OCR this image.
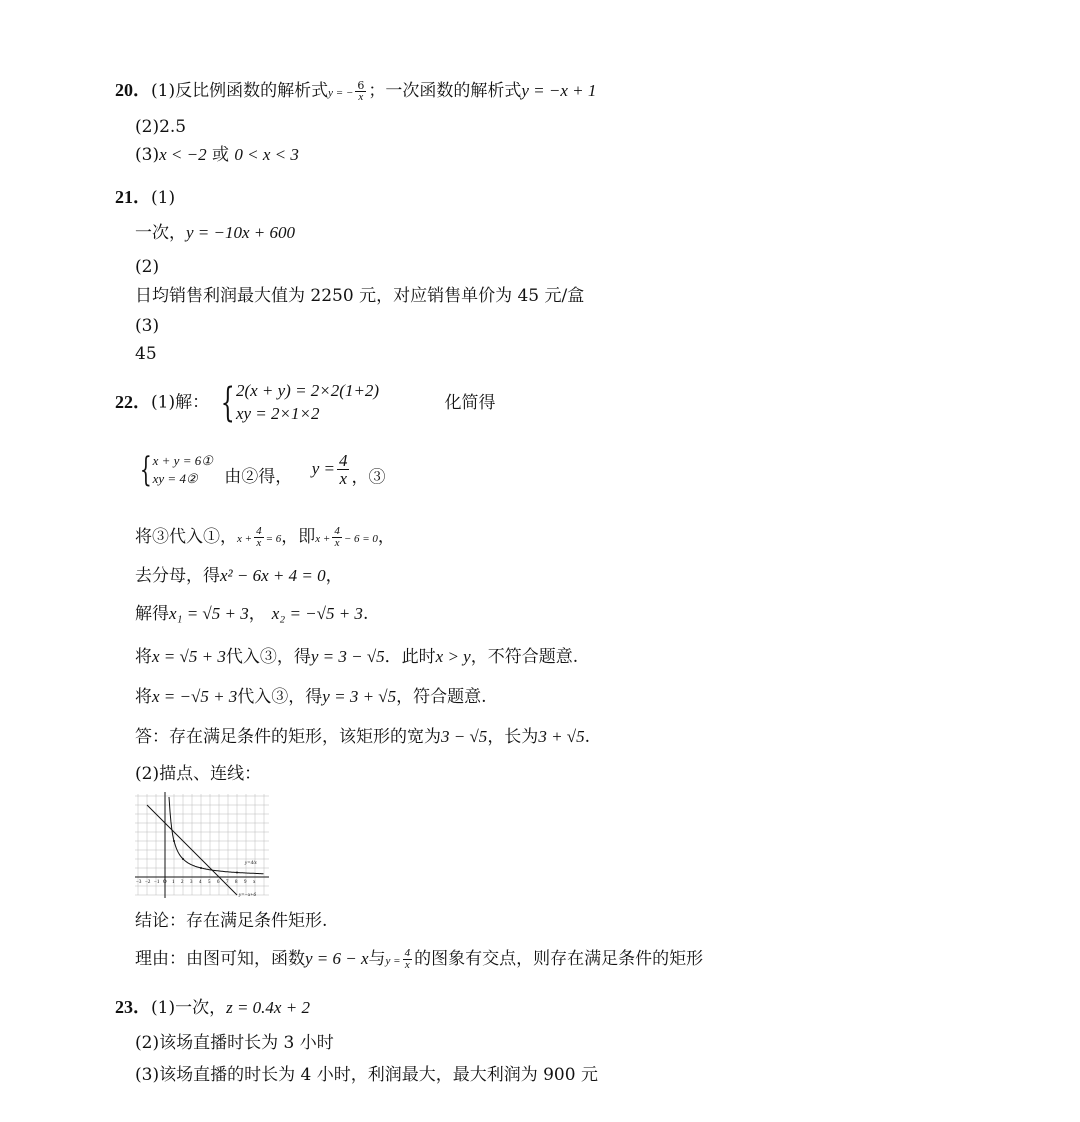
20．(1)反比例函数的解析式y = − $\frac{6}{x}$ ；一次函数的解析式y = −x + 1
(2)2.5
(3)x < −2 或 0 < x < 3
21．(1)
一次，y = −10x + 600
(2)
日均销售利润最大值为 2250 元，对应销售单价为 45 元/盒
(3)
45
22．(1)解： { 2(x + y) = 2×2(1+2)
xy = 2×1×2
化简得
{ x + y = 6①
xy = 4②	由②得， $y = \frac{4}{x}$ ，③
将③代入①，$x + \frac{4}{x} = 6$，即$x + \frac{4}{x} - 6 = 0$，
去分母，得x² − 6x + 4 = 0，
解得x₁ = √5 + 3， x₂ = −√5 + 3.
将x = √5 + 3代入③，得y = 3 − √5．此时x > y，不符合题意.
将x = −√5 + 3代入③，得y = 3 + √5，符合题意.
答：存在满足条件的矩形，该矩形的宽为3 − √5，长为3 + √5.
(2)描点、连线：
y=4/x
y=−x+6
−3 −2 −1 O 1 2 3 4 5 6 7 8 9 x
结论：存在满足条件矩形.
理由：由图可知，函数y = 6 − x与$y = \frac{4}{x}$ 的图象有交点，则存在满足条件的矩形
23．(1)一次，z = 0.4x + 2
(2)该场直播时长为 3 小时
(3)该场直播的时长为 4 小时，利润最大，最大利润为 900 元
